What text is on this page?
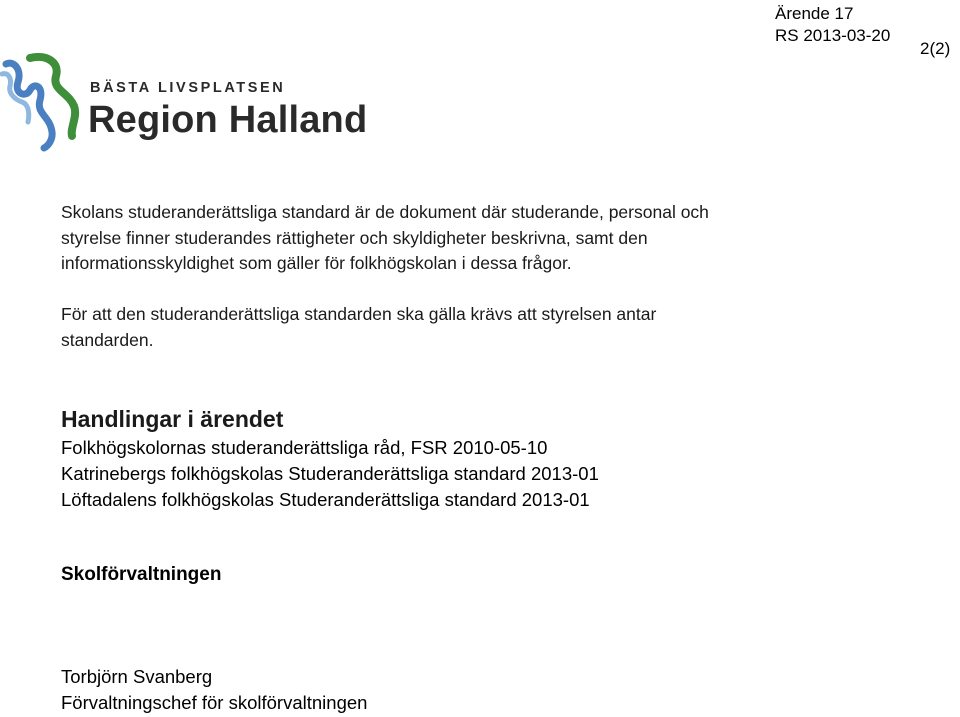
Ärende 17
RS 2013-03-20
2(2)
BÄSTA LIVSPLATSEN
Region Halland
Skolans studeranderättsliga standard är de dokument där studerande, personal och
styrelse finner studerandes rättigheter och skyldigheter beskrivna, samt den
informationsskyldighet som gäller för folkhögskolan i dessa frågor.
För att den studeranderättsliga standarden ska gälla krävs att styrelsen antar
standarden.
Handlingar i ärendet
Folkhögskolornas studeranderättsliga råd, FSR 2010-05-10
Katrinebergs folkhögskolas Studeranderättsliga standard 2013-01
Löftadalens folkhögskolas Studeranderättsliga standard 2013-01
Skolförvaltningen
Torbjörn Svanberg
Förvaltningschef för skolförvaltningen
